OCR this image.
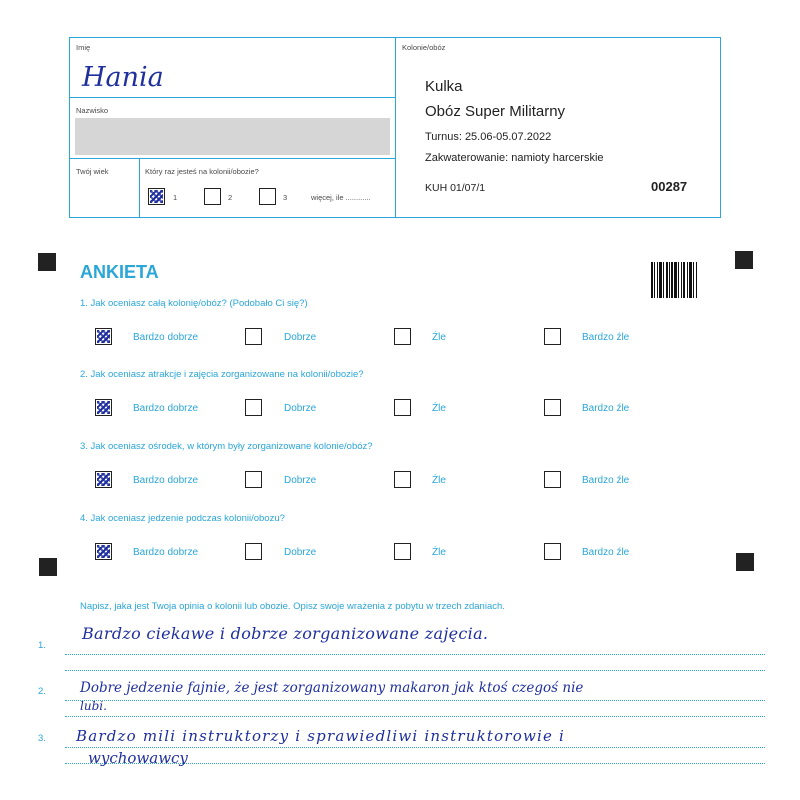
Imię
Hania
Nazwisko
Twój wiek	Który raz jesteś na kolonii/obozie?
1	2	3	więcej, ile ............
Kolonie/obóz
Kulka
Obóz Super Militarny
Turnus: 25.06-05.07.2022
Zakwaterowanie: namioty harcerskie
KUH 01/07/1	00287
ANKIETA
1. Jak oceniasz całą kolonię/obóz? (Podobało Ci się?)
Bardzo dobrze	Dobrze	Źle	Bardzo źle
2. Jak oceniasz atrakcje i zajęcia zorganizowane na kolonii/obozie?
Bardzo dobrze	Dobrze	Źle	Bardzo źle
3. Jak oceniasz ośrodek, w którym były zorganizowane kolonie/obóz?
Bardzo dobrze	Dobrze	Źle	Bardzo źle
4. Jak oceniasz jedzenie podczas kolonii/obozu?
Bardzo dobrze	Dobrze	Źle	Bardzo źle
Napisz, jaka jest Twoja opinia o kolonii lub obozie. Opisz swoje wrażenia z pobytu w trzech zdaniach.
1.
2.
3.
Bardzo ciekawe i dobrze zorganizowane zajęcia.
Dobre jedzenie fajnie, że jest zorganizowany makaron jak ktoś czegoś nie
lubi.
Bardzo mili instruktorzy i sprawiedliwi instruktorowie i
wychowawcy
